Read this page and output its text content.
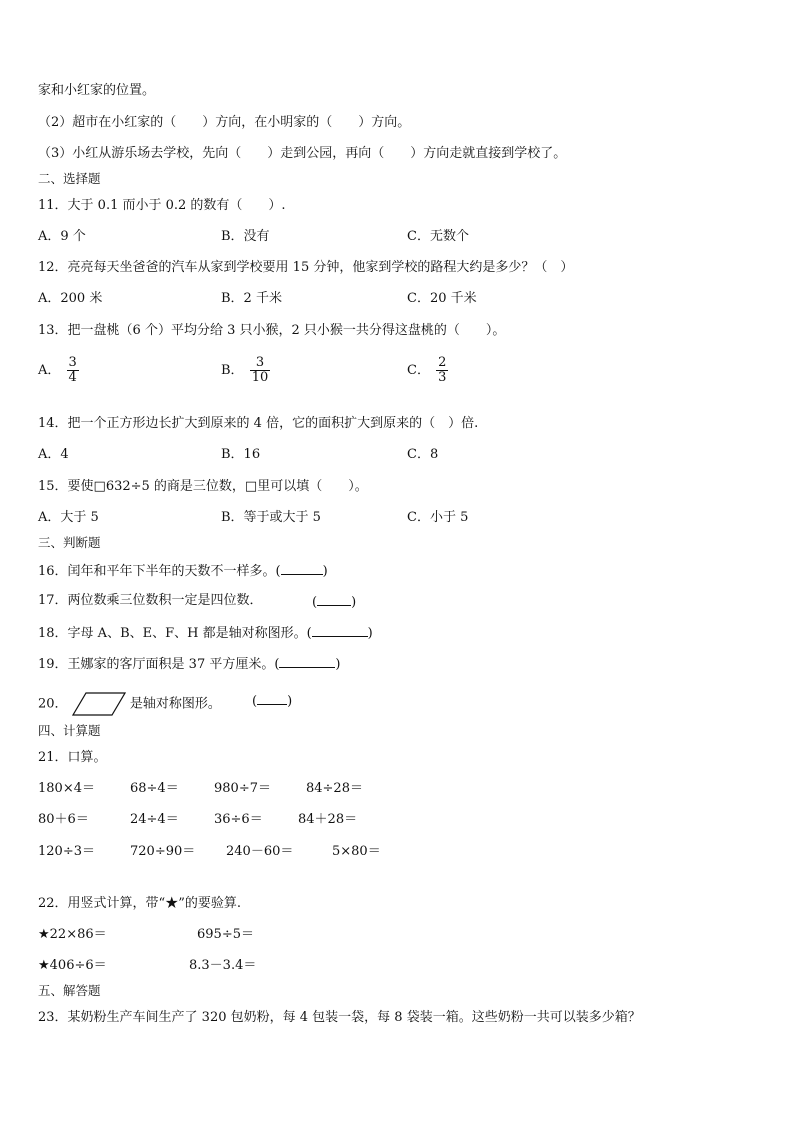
家和小红家的位置。
（2）超市在小红家的（　　）方向，在小明家的（　　）方向。
（3）小红从游乐场去学校，先向（　　）走到公园，再向（　　）方向走就直接到学校了。
二、选择题
11．大于 0.1 而小于 0.2 的数有（　　）.
A．9 个	B．没有	C．无数个
12．亮亮每天坐爸爸的汽车从家到学校要用 15 分钟，他家到学校的路程大约是多少？（　）
A．200 米	B．2 千米	C．20 千米
13．把一盘桃（6 个）平均分给 3 只小猴，2 只小猴一共分得这盘桃的（　　）。
A． $\frac{3}{4}$	B． $\frac{3}{10}$	C． $\frac{2}{3}$
14．把一个正方形边长扩大到原来的 4 倍，它的面积扩大到原来的（　）倍.
A．4	B．16	C．8
15．要使□632÷5 的商是三位数，□里可以填（　　）。
A．大于 5	B．等于或大于 5	C．小于 5
三、判断题
16．闰年和平年下半年的天数不一样多。(	)
17．两位数乘三位数积一定是四位数．	(	)
18．字母 A、B、E、F、H 都是轴对称图形。(	)
19．王娜家的客厅面积是 37 平方厘米。(	)
20．	是轴对称图形。 ( )
四、计算题
21．口算。
180×4＝	68÷4＝	980÷7＝	84÷28＝
80＋6＝	24÷4＝	36÷6＝	84＋28＝
120÷3＝	720÷90＝ 240－60＝	5×80＝
22．用竖式计算，带“★”的要验算.
★22×86＝	695÷5＝
★406÷6＝	8.3－3.4＝
五、解答题
23．某奶粉生产车间生产了 320 包奶粉，每 4 包装一袋，每 8 袋装一箱。这些奶粉一共可以装多少箱？
